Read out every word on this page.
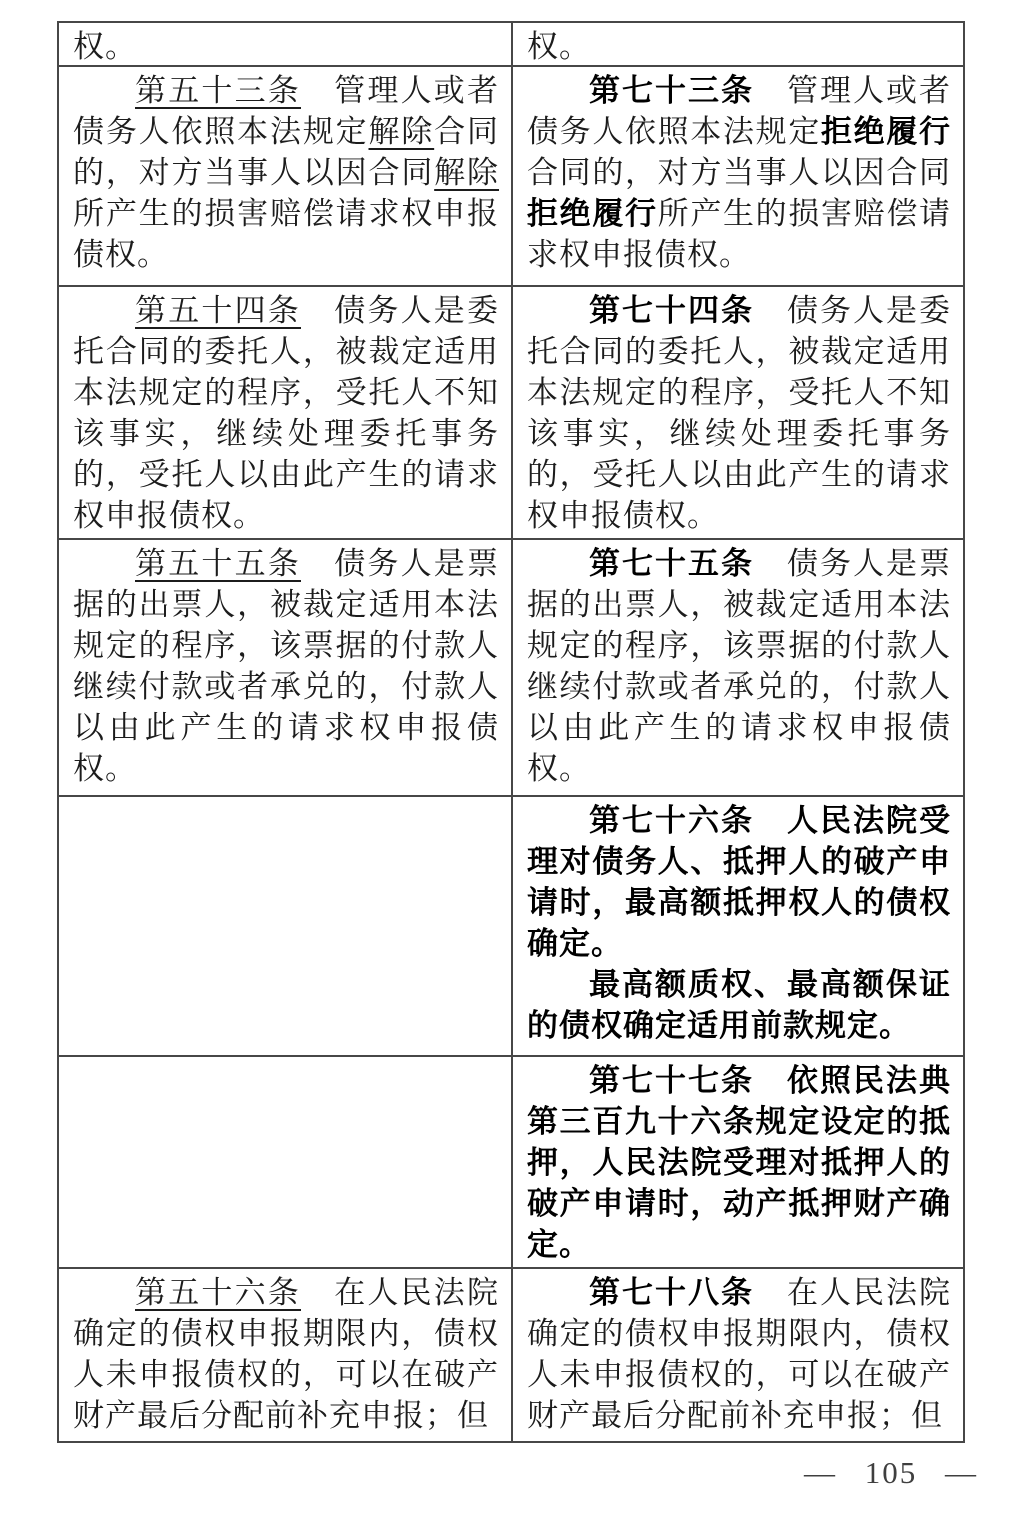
权。	权。

第五十三条　管理人或者债务人依照本法规定解除合同的，对方当事人以因合同解除所产生的损害赔偿请求权申报债权。

第七十三条　管理人或者债务人依照本法规定拒绝履行合同的，对方当事人以因合同拒绝履行所产生的损害赔偿请求权申报债权。

第五十四条　债务人是委托合同的委托人，被裁定适用本法规定的程序，受托人不知该事实，继续处理委托事务的，受托人以由此产生的请求权申报债权。

第七十四条　债务人是委托合同的委托人，被裁定适用本法规定的程序，受托人不知该事实，继续处理委托事务的，受托人以由此产生的请求权申报债权。

第五十五条　债务人是票据的出票人，被裁定适用本法规定的程序，该票据的付款人继续付款或者承兑的，付款人以由此产生的请求权申报债权。

第七十五条　债务人是票据的出票人，被裁定适用本法规定的程序，该票据的付款人继续付款或者承兑的，付款人以由此产生的请求权申报债权。

第七十六条　人民法院受理对债务人、抵押人的破产申请时，最高额抵押权人的债权确定。

最高额质权、最高额保证的债权确定适用前款规定。

第七十七条　依照民法典第三百九十六条规定设定的抵押，人民法院受理对抵押人的破产申请时，动产抵押财产确定。

第五十六条　在人民法院确定的债权申报期限内，债权人未申报债权的，可以在破产财产最后分配前补充申报；但

第七十八条　在人民法院确定的债权申报期限内，债权人未申报债权的，可以在破产财产最后分配前补充申报；但

— 105 —
